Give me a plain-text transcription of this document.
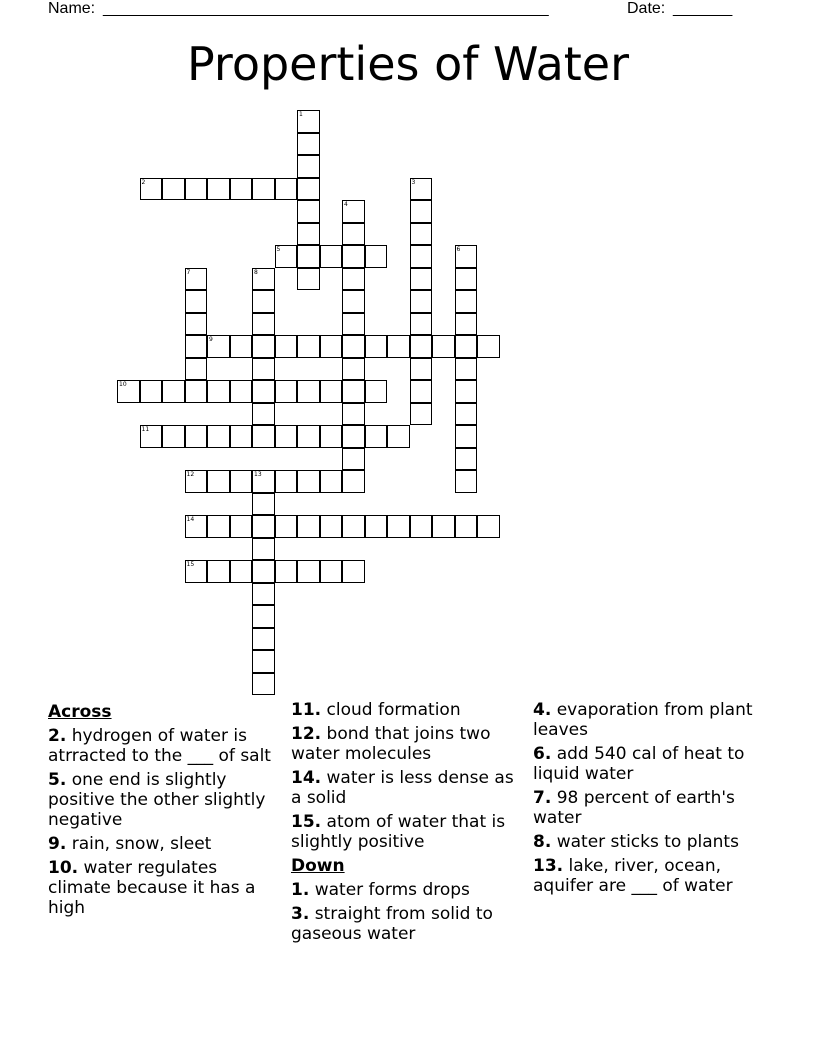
Name: _____________________________________________________	Date: _______
Properties of Water
1
2	3
4
5	6
7	8
9
10
11
12	13
14
15
Across
2. hydrogen of water is atrracted to the ___ of salt
5. one end is slightly positive the other slightly negative
9. rain, snow, sleet
10. water regulates climate because it has a high
11. cloud formation
12. bond that joins two water molecules
14. water is less dense as a solid
15. atom of water that is slightly positive
Down
1. water forms drops
3. straight from solid to gaseous water
4. evaporation from plant leaves
6. add 540 cal of heat to liquid water
7. 98 percent of earth's water
8. water sticks to plants
13. lake, river, ocean, aquifer are ___ of water
